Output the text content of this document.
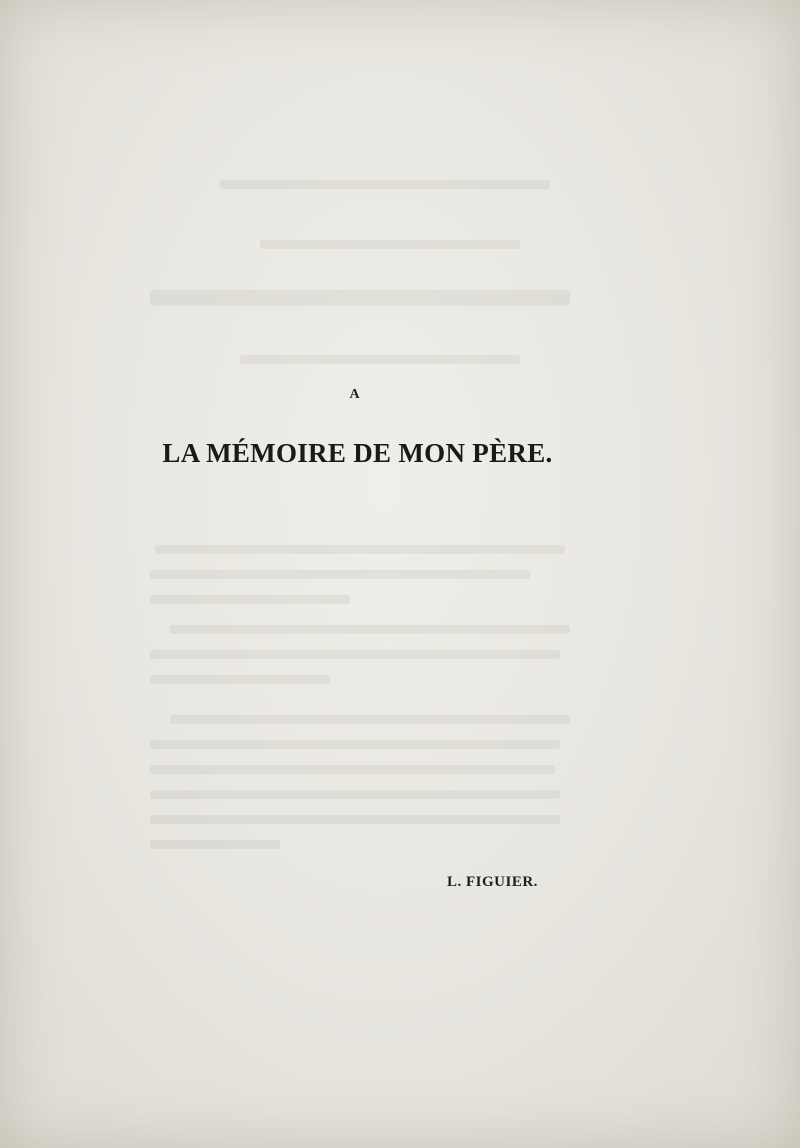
A
LA MÉMOIRE DE MON PÈRE.
L. FIGUIER.
